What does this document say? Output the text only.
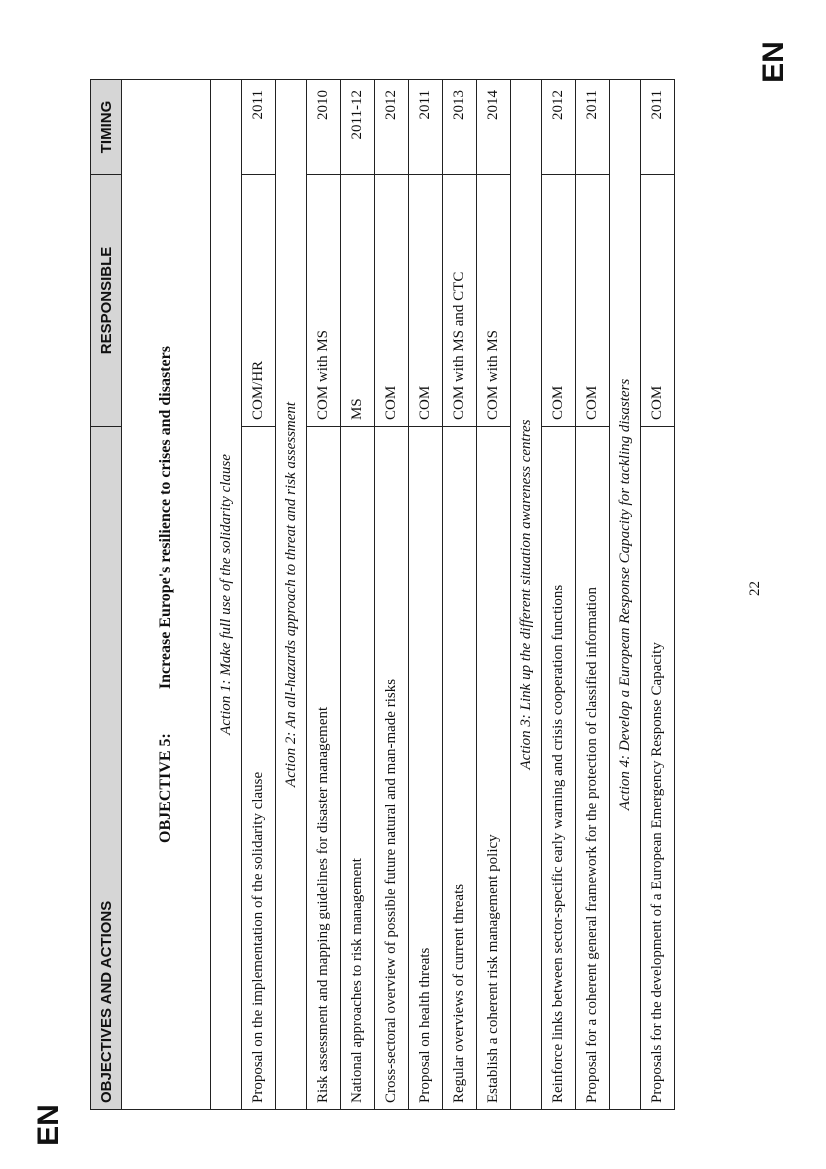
OBJECTIVES AND ACTIONS	RESPONSIBLE	TIMING
OBJECTIVE 5:Increase Europe's resilience to crises and disasters		
Action 1: Make full use of the solidarity clause		
Proposal on the implementation of the solidarity clause	COM/HR	2011
Action 2: An all-hazards approach to threat and risk assessment		
Risk assessment and mapping guidelines for disaster management	COM with MS	2010
National approaches to risk management	MS	2011-12
Cross-sectoral overview of possible future natural and man-made risks	COM	2012
Proposal on health threats	COM	2011
Regular overviews of current threats	COM with MS and CTC	2013
Establish a coherent risk management policy	COM with MS	2014
Action 3: Link up the different situation awareness centres		
Reinforce links between sector-specific early warning and crisis cooperation functions	COM	2012
Proposal for a coherent general framework for the protection of classified information	COM	2011
Action 4: Develop a European Response Capacity for tackling disasters		
Proposals for the development of a European Emergency Response Capacity	COM	2011
EN
EN
22
